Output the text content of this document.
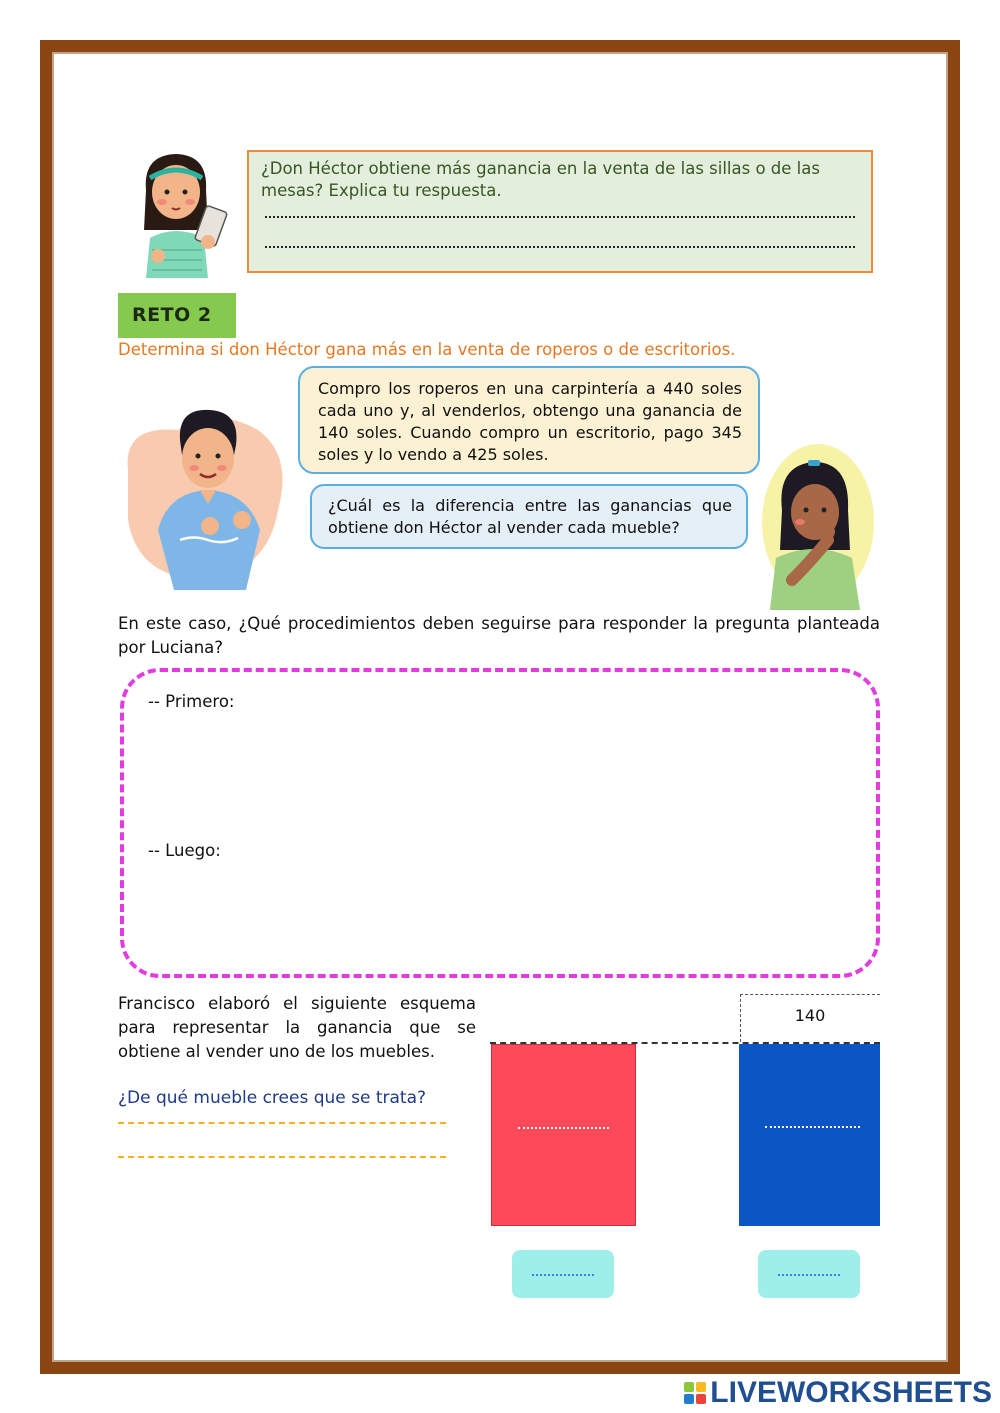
¿Don Héctor obtiene más ganancia en la venta de las sillas o de las mesas? Explica tu respuesta.
RETO 2
Determina si don Héctor gana más en la venta de roperos o de escritorios.
Compro los roperos en una carpintería a 440 soles cada uno y, al venderlos, obtengo una ganancia de 140 soles. Cuando compro un escritorio, pago 345 soles y lo vendo a 425 soles.
¿Cuál es la diferencia entre las ganancias que obtiene don Héctor al vender cada mueble?
En este caso, ¿Qué procedimientos deben seguirse para responder la pregunta planteada por Luciana?
-- Primero:
-- Luego:
Francisco elaboró el siguiente esquema para representar la ganancia que se obtiene al vender uno de los muebles.
¿De qué mueble crees que se trata?
140
LIVEWORKSHEETS
